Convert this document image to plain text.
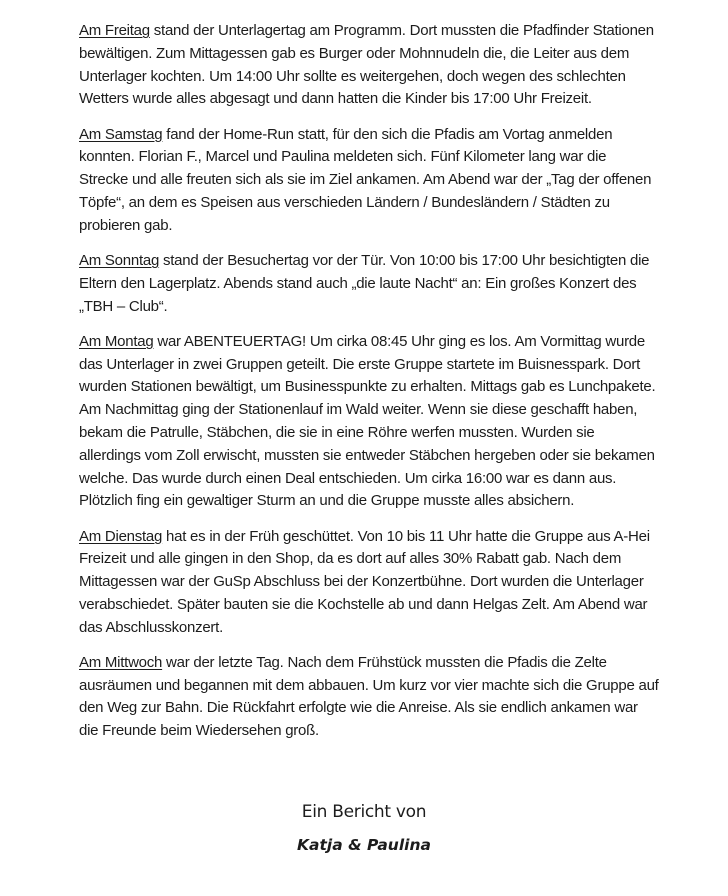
Am Freitag stand der Unterlagertag am Programm. Dort mussten die Pfadfinder Stationen bewältigen. Zum Mittagessen gab es Burger oder Mohnnudeln die, die Leiter aus dem Unterlager kochten. Um 14:00 Uhr sollte es weitergehen, doch wegen des schlechten Wetters wurde alles abgesagt und dann hatten die Kinder bis 17:00 Uhr Freizeit.

Am Samstag fand der Home-Run statt, für den sich die Pfadis am Vortag anmelden konnten. Florian F., Marcel und Paulina meldeten sich. Fünf Kilometer lang war die Strecke und alle freuten sich als sie im Ziel ankamen. Am Abend war der „Tag der offenen Töpfe“, an dem es Speisen aus verschieden Ländern / Bundesländern / Städten zu probieren gab.

Am Sonntag stand der Besuchertag vor der Tür. Von 10:00 bis 17:00 Uhr besichtigten die Eltern den Lagerplatz. Abends stand auch „die laute Nacht“ an: Ein großes Konzert des „TBH – Club“.

Am Montag war ABENTEUERTAG! Um cirka 08:45 Uhr ging es los. Am Vormittag wurde das Unterlager in zwei Gruppen geteilt. Die erste Gruppe startete im Buisnesspark. Dort wurden Stationen bewältigt, um Businesspunkte zu erhalten. Mittags gab es Lunchpakete. Am Nachmittag ging der Stationenlauf im Wald weiter. Wenn sie diese geschafft haben, bekam die Patrulle, Stäbchen, die sie in eine Röhre werfen mussten. Wurden sie allerdings vom Zoll erwischt, mussten sie entweder Stäbchen hergeben oder sie bekamen welche. Das wurde durch einen Deal entschieden. Um cirka 16:00 war es dann aus. Plötzlich fing ein gewaltiger Sturm an und die Gruppe musste alles absichern.

Am Dienstag hat es in der Früh geschüttet. Von 10 bis 11 Uhr hatte die Gruppe aus A-Hei Freizeit und alle gingen in den Shop, da es dort auf alles 30% Rabatt gab. Nach dem Mittagessen war der GuSp Abschluss bei der Konzertbühne. Dort wurden die Unterlager verabschiedet. Später bauten sie die Kochstelle ab und dann Helgas Zelt. Am Abend war das Abschlusskonzert.

Am Mittwoch war der letzte Tag. Nach dem Frühstück mussten die Pfadis die Zelte ausräumen und begannen mit dem abbauen. Um kurz vor vier machte sich die Gruppe auf den Weg zur Bahn. Die Rückfahrt erfolgte wie die Anreise. Als sie endlich ankamen war die Freunde beim Wiedersehen groß.

Ein Bericht von
Katja & Paulina
